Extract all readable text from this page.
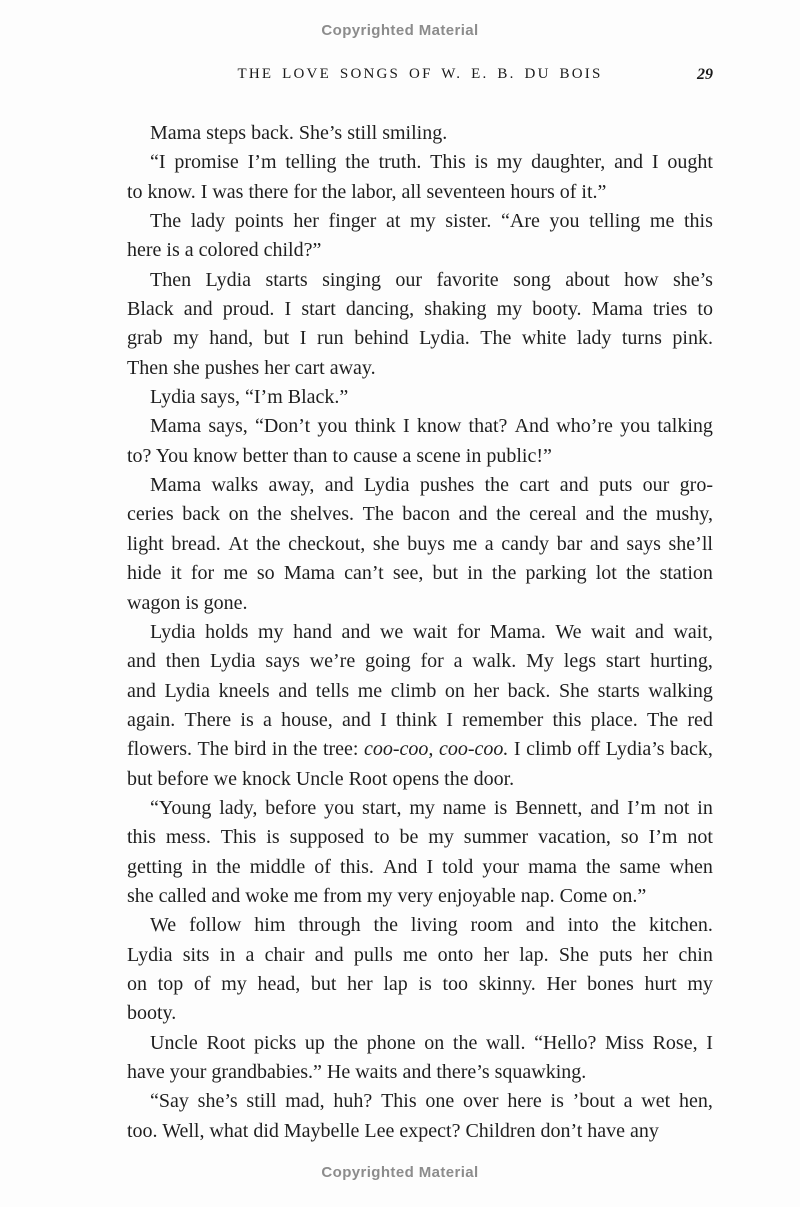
Copyrighted Material
THE LOVE SONGS OF W. E. B. DU BOIS	29
Mama steps back. She’s still smiling.
“I promise I’m telling the truth. This is my daughter, and I ought
to know. I was there for the labor, all seventeen hours of it.”
The lady points her finger at my sister. “Are you telling me this
here is a colored child?”
Then Lydia starts singing our favorite song about how she’s
Black and proud. I start dancing, shaking my booty. Mama tries to
grab my hand, but I run behind Lydia. The white lady turns pink.
Then she pushes her cart away.
Lydia says, “I’m Black.”
Mama says, “Don’t you think I know that? And who’re you talking
to? You know better than to cause a scene in public!”
Mama walks away, and Lydia pushes the cart and puts our gro-
ceries back on the shelves. The bacon and the cereal and the mushy,
light bread. At the checkout, she buys me a candy bar and says she’ll
hide it for me so Mama can’t see, but in the parking lot the station
wagon is gone.
Lydia holds my hand and we wait for Mama. We wait and wait,
and then Lydia says we’re going for a walk. My legs start hurting,
and Lydia kneels and tells me climb on her back. She starts walking
again. There is a house, and I think I remember this place. The red
flowers. The bird in the tree: coo-coo, coo-coo. I climb off Lydia’s back,
but before we knock Uncle Root opens the door.
“Young lady, before you start, my name is Bennett, and I’m not in
this mess. This is supposed to be my summer vacation, so I’m not
getting in the middle of this. And I told your mama the same when
she called and woke me from my very enjoyable nap. Come on.”
We follow him through the living room and into the kitchen.
Lydia sits in a chair and pulls me onto her lap. She puts her chin
on top of my head, but her lap is too skinny. Her bones hurt my
booty.
Uncle Root picks up the phone on the wall. “Hello? Miss Rose, I
have your grandbabies.” He waits and there’s squawking.
“Say she’s still mad, huh? This one over here is ’bout a wet hen,
too. Well, what did Maybelle Lee expect? Children don’t have any
Copyrighted Material
